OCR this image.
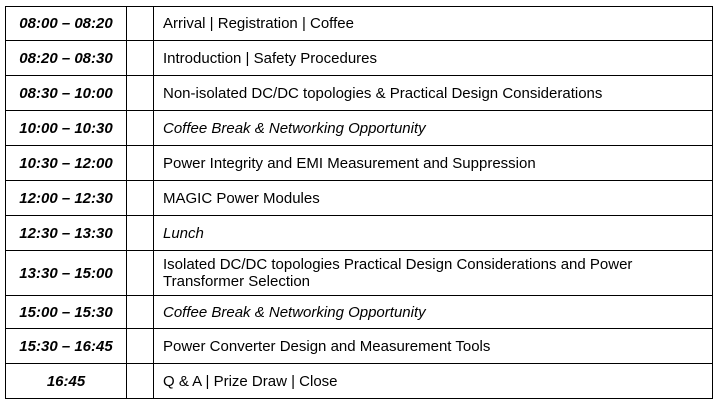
08:00 – 08:20		Arrival | Registration | Coffee
08:20 – 08:30		Introduction | Safety Procedures
08:30 – 10:00		Non-isolated DC/DC topologies & Practical Design Considerations
10:00 – 10:30		Coffee Break & Networking Opportunity
10:30 – 12:00		Power Integrity and EMI Measurement and Suppression
12:00 – 12:30		MAGIC Power Modules
12:30 – 13:30		Lunch
13:30 – 15:00		Isolated DC/DC topologies Practical Design Considerations and Power Transformer Selection
15:00 – 15:30		Coffee Break & Networking Opportunity
15:30 – 16:45		Power Converter Design and Measurement Tools
16:45		Q & A | Prize Draw | Close
